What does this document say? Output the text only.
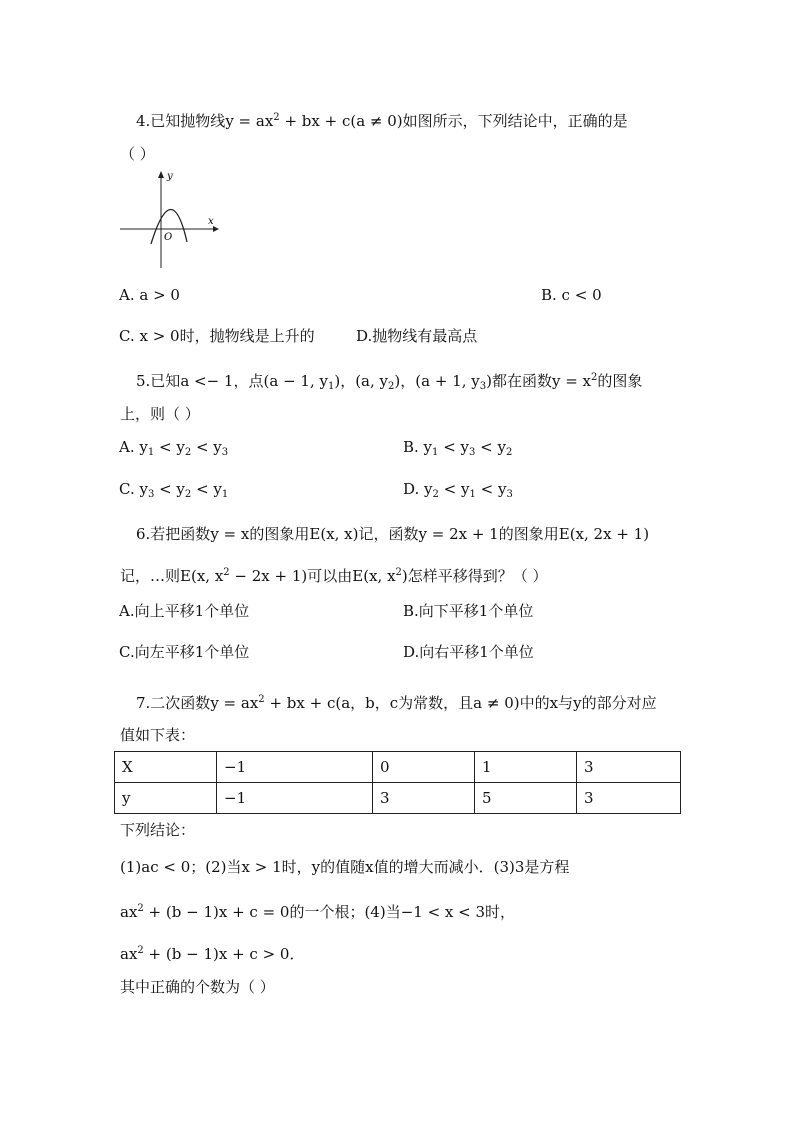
4.已知抛物线$y = ax^2$ + bx + c(a ≠ 0)如图所示，下列结论中，正确的是
（ ）
y
x
O
A. a > 0	B. c < 0
C. x > 0时，抛物线是上升的	D.抛物线有最高点
5.已知a <− 1，点(a − 1, $y_1$)，(a, $y_2$)，(a + 1, $y_3$)都在函数$y = x^2$的图象
上，则（ ）
A. $y_1 < y_2 < y_3$	B. $y_1 < y_3 < y_2$
C. $y_3 < y_2 < y_1$	D. $y_2 < y_1 < y_3$
6.若把函数y = x的图象用E(x, x)记，函数y = 2x + 1的图象用E(x, 2x + 1)
记，…则E(x, $x^2 - 2x + 1$)可以由E(x, $x^2$)怎样平移得到？（ ）
A.向上平移1个单位	B.向下平移1个单位
C.向左平移1个单位	D.向右平移1个单位
7.二次函数$y = ax^2$ + bx + c(a，b，c为常数，且a ≠ 0)中的x与y的部分对应
值如下表：
X	−1	0	1	3
y	−1	3	5	3
下列结论：
(1)ac < 0；(2)当x > 1时，y的值随x值的增大而减小．(3)3是方程
$ax^2 + (b - 1)x + c = 0$的一个根；(4)当−1 < x < 3时，
$ax^2 + (b - 1)x + c > 0$．
其中正确的个数为（ ）
